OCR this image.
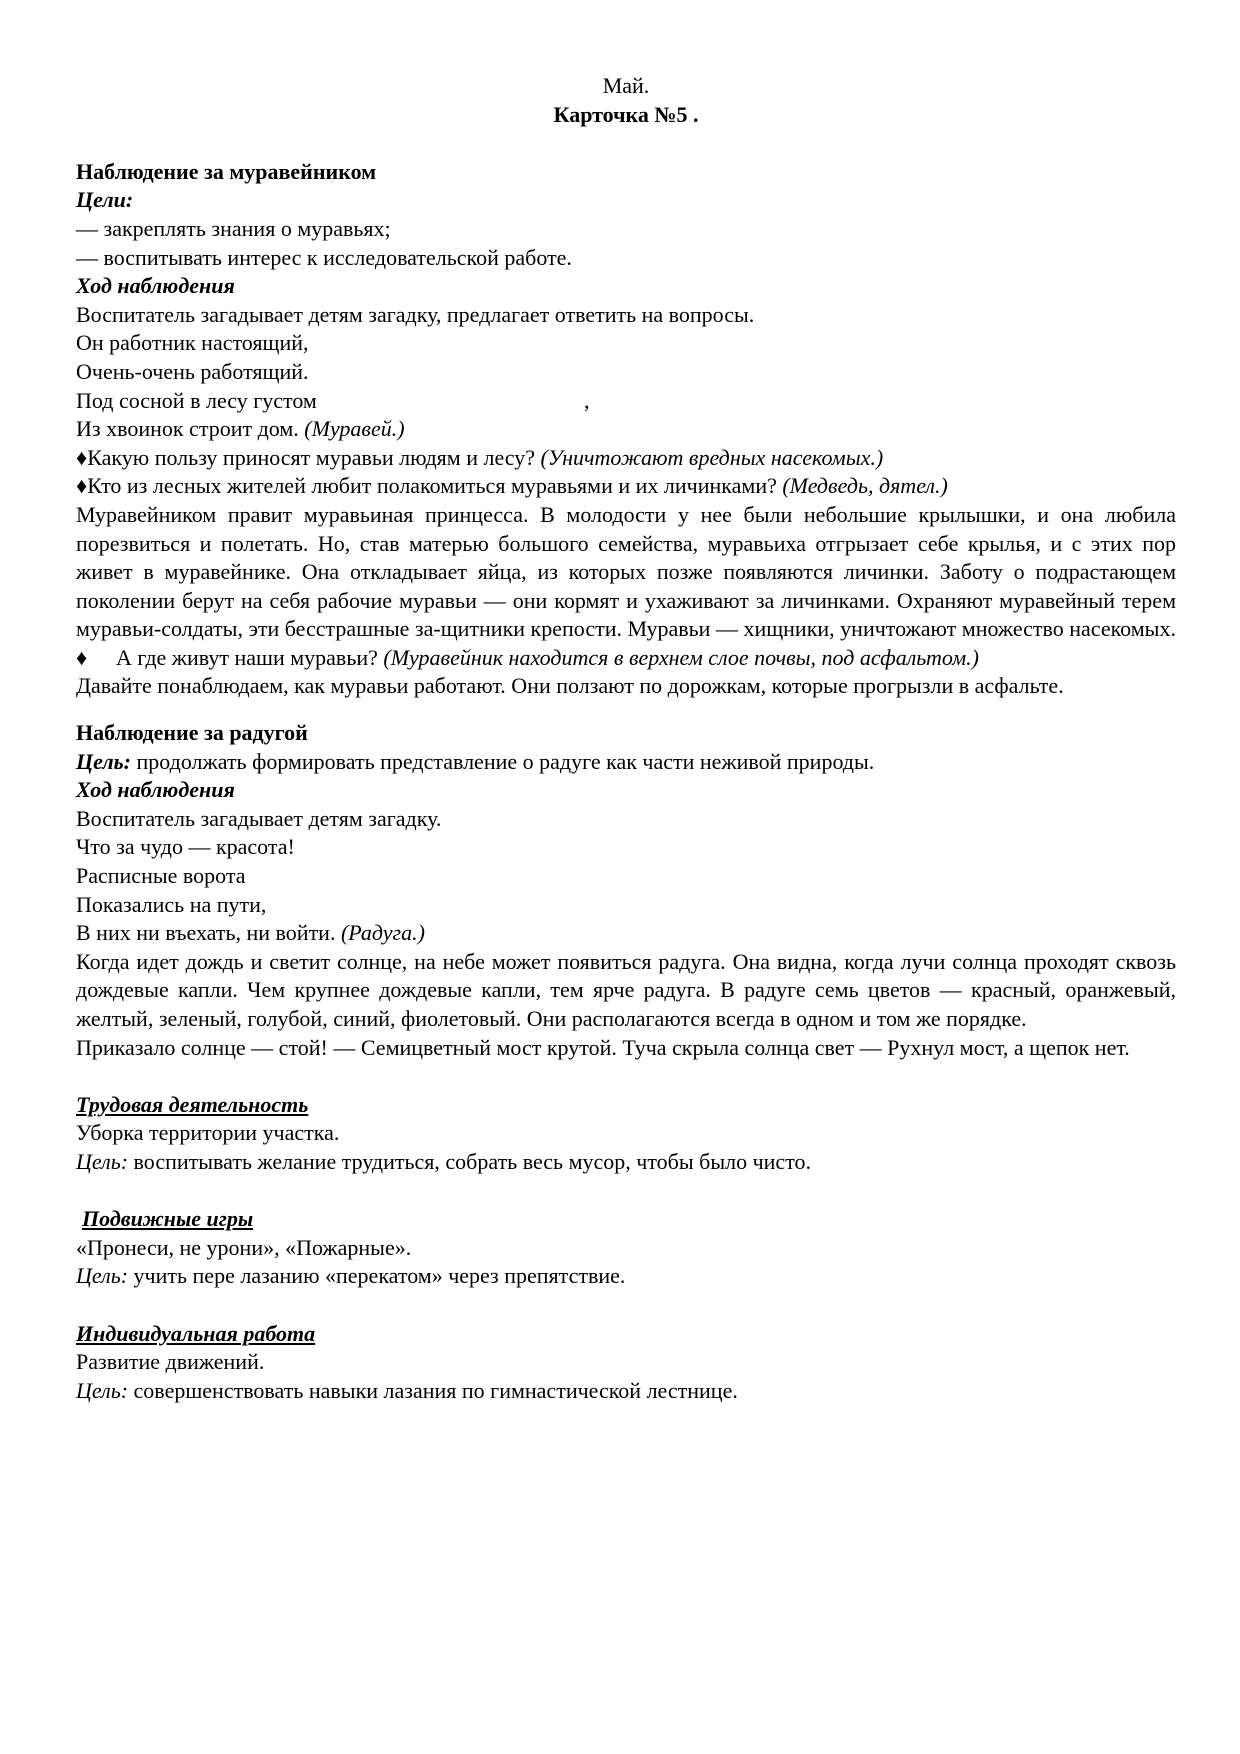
Май.

Карточка №5 .

Наблюдение за муравейником

Цели:

— закреплять знания о муравьях;

— воспитывать интерес к исследовательской работе.

Ход наблюдения

Воспитатель загадывает детям загадку, предлагает ответить на вопросы.

Он работник настоящий,

Очень-очень работящий.

Под сосной в лесу густом	,

Из хвоинок строит дом. (Муравей.)

♦Какую пользу приносят муравьи людям и лесу? (Уничтожают вредных насекомых.)

♦Кто из лесных жителей любит полакомиться муравьями и их личинками? (Медведь, дятел.)

Муравейником правит муравьиная принцесса. В молодости у нее были небольшие крылышки, и она любила порезвиться и полетать. Но, став матерью большого семейства, муравьиха отгрызает себе крылья, и с этих пор живет в муравейнике. Она откладывает яйца, из которых позже появляются личинки. Заботу о подрастающем поколении берут на себя рабочие муравьи — они кормят и ухаживают за личинками. Охраняют муравейный терем муравьи-солдаты, эти бесстрашные за-щитники крепости. Муравьи — хищники, уничтожают множество насекомых.

♦ А где живут наши муравьи? (Муравейник находится в верхнем слое почвы, под асфальтом.)

Давайте понаблюдаем, как муравьи работают. Они ползают по дорожкам, которые прогрызли в асфальте.

Наблюдение за радугой

Цель: продолжать формировать представление о радуге как части неживой природы.

Ход наблюдения

Воспитатель загадывает детям загадку.

Что за чудо — красота!

Расписные ворота

Показались на пути,

В них ни въехать, ни войти. (Радуга.)

Когда идет дождь и светит солнце, на небе может появиться радуга. Она видна, когда лучи солнца проходят сквозь дождевые капли. Чем крупнее дождевые капли, тем ярче радуга. В радуге семь цветов — красный, оранжевый, желтый, зеленый, голубой, синий, фиолетовый. Они располагаются всегда в одном и том же порядке.

Приказало солнце — стой! — Семицветный мост крутой. Туча скрыла солнца свет — Рухнул мост, а щепок нет.

Трудовая деятельность

Уборка территории участка.

Цель: воспитывать желание трудиться, собрать весь мусор, чтобы было чисто.

Подвижные игры

«Пронеси, не урони», «Пожарные».

Цель: учить пере лазанию «перекатом» через препятствие.

Индивидуальная работа

Развитие движений.

Цель: совершенствовать навыки лазания по гимнастической лестнице.
